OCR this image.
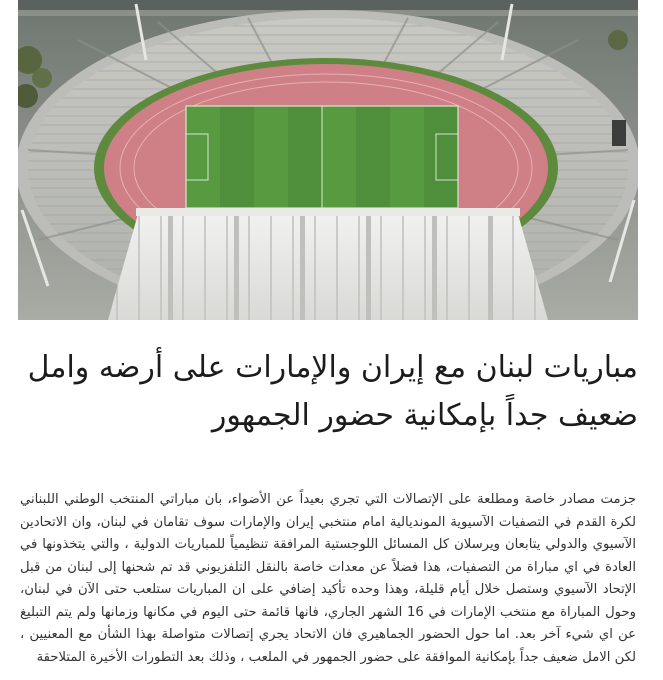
مباريات لبنان مع إيران والإمارات على أرضه وامل ضعيف جداً بإمكانية حضور الجمهور

جزمت مصادر خاصة ومطلعة على الإتصالات التي تجري بعيداً عن الأضواء، بان مباراتي المنتخب الوطني اللبناني لكرة القدم في التصفيات الآسيوية المونديالية امام منتخبي إيران والإمارات سوف تقامان في لبنان، وان الاتحادين الآسيوي والدولي يتابعان ويرسلان كل المسائل اللوجستية المرافقة تنظيمياً للمباريات الدولية ، والتي يتخذونها في العادة في اي مباراة من التصفيات، هذا فضلاً عن معدات خاصة بالنقل التلفزيوني قد تم شحنها إلى لبنان من قبل الإتحاد الآسيوي وستصل خلال أيام قليلة، وهذا وحده تأكيد إضافي على ان المباريات ستلعب حتى الآن في لبنان، وحول المباراة مع منتخب الإمارات في 16 الشهر الجاري، فانها قائمة حتى اليوم في مكانها وزمانها ولم يتم التبليغ عن اي شيء آخر بعد. اما حول الحضور الجماهيري فان الاتحاد يجري إتصالات متواصلة بهذا الشأن مع المعنيين ، لكن الامل ضعيف جداً بإمكانية الموافقة على حضور الجمهور في الملعب ، وذلك بعد التطورات الأخيرة المتلاحقة
